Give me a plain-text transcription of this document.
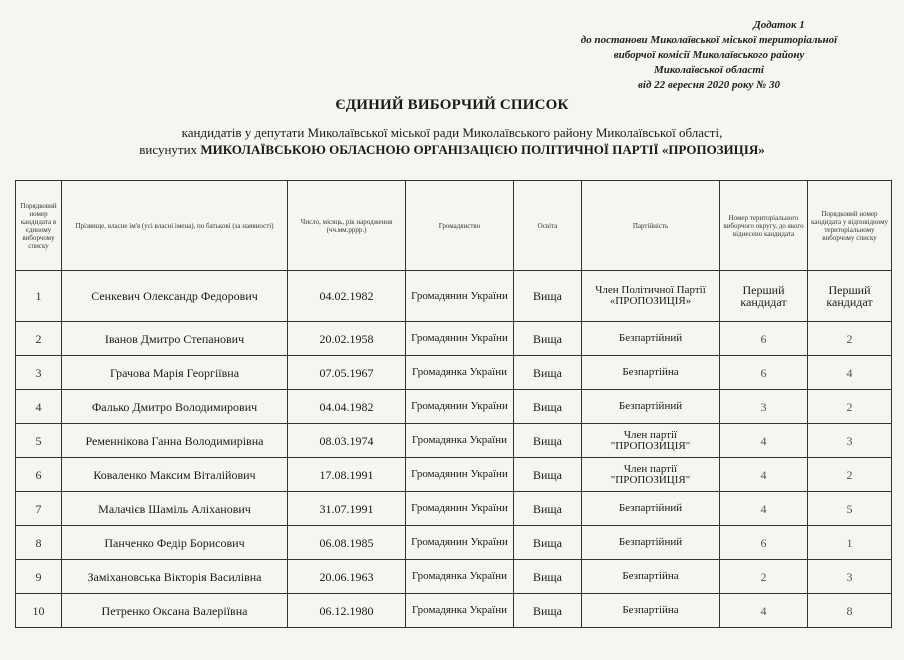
Додаток 1
до постанови Миколаївської міської територіальної
виборчої комісії Миколаївського району
Миколаївської області
від 22 вересня 2020 року № 30
ЄДИНИЙ ВИБОРЧИЙ СПИСОК
кандидатів у депутати Миколаївської міської ради Миколаївського району Миколаївської області,
висунутих МИКОЛАЇВСЬКОЮ ОБЛАСНОЮ ОРГАНІЗАЦІЄЮ ПОЛІТИЧНОЇ ПАРТІЇ «ПРОПОЗИЦІЯ»
Порядковий номер кандидата в єдиному виборчому списку	Прізвище, власне ім'я (усі власні імена), по батькові (за наявності)	Число, місяць, рік народження (чч.мм.рррр.)	Громадянство	Освіта	Партійність	Номер територіального виборчого округу, до якого віднесено кандидата	Порядковий номер кандидата у відповідному територіальному виборчому списку
1	Сенкевич Олександр Федорович	04.02.1982	Громадянин України	Вища	Член Політичної Партії «ПРОПОЗИЦІЯ»	Перший кандидат	Перший кандидат
2	Іванов Дмитро Степанович	20.02.1958	Громадянин України	Вища	Безпартійний	6	2
3	Грачова Марія Георгіївна	07.05.1967	Громадянка України	Вища	Безпартійна	6	4
4	Фалько Дмитро Володимирович	04.04.1982	Громадянин України	Вища	Безпартійний	3	2
5	Ременнікова Ганна Володимирівна	08.03.1974	Громадянка України	Вища	Член партії "ПРОПОЗИЦІЯ"	4	3
6	Коваленко Максим Віталійович	17.08.1991	Громадянин України	Вища	Член партії "ПРОПОЗИЦІЯ"	4	2
7	Малачієв Шаміль Аліханович	31.07.1991	Громадянин України	Вища	Безпартійний	4	5
8	Панченко Федір Борисович	06.08.1985	Громадянин України	Вища	Безпартійний	6	1
9	Заміхановська Вікторія Василівна	20.06.1963	Громадянка України	Вища	Безпартійна	2	3
10	Петренко Оксана Валеріївна	06.12.1980	Громадянка України	Вища	Безпартійна	4	8
